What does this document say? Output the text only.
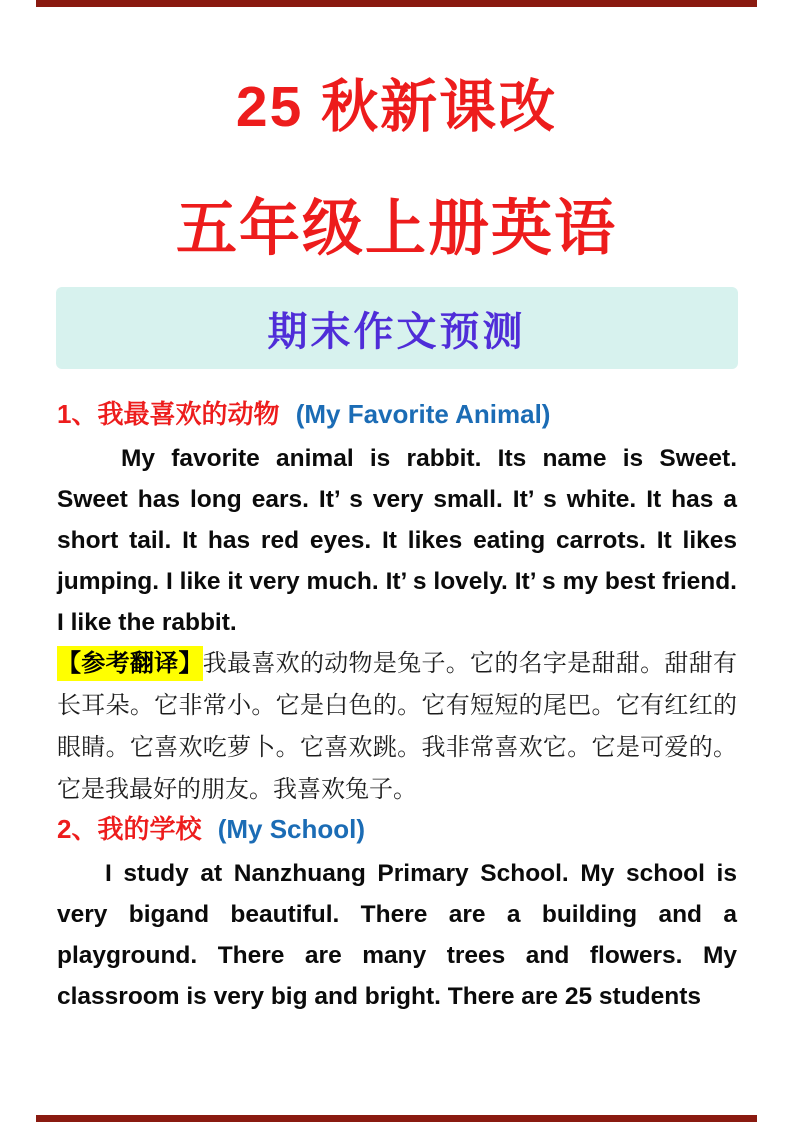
25 秋新课改
五年级上册英语
期末作文预测
1、我最喜欢的动物 (My Favorite Animal)

My favorite animal is rabbit. Its name is Sweet. Sweet has long ears. It’ s very small. It’ s white. It has a short tail. It has red eyes. It likes eating carrots. It likes jumping. I like it very much. It’ s lovely. It’ s my best friend. I like the rabbit.

【参考翻译】我最喜欢的动物是兔子。它的名字是甜甜。甜甜有长耳朵。它非常小。它是白色的。它有短短的尾巴。它有红红的眼睛。它喜欢吃萝卜。它喜欢跳。我非常喜欢它。它是可爱的。它是我最好的朋友。我喜欢兔子。

2、我的学校 (My School)

I study at Nanzhuang Primary School. My school is very bigand beautiful. There are a building and a playground. There are many trees and flowers. My classroom is very big and bright. There are 25 students
